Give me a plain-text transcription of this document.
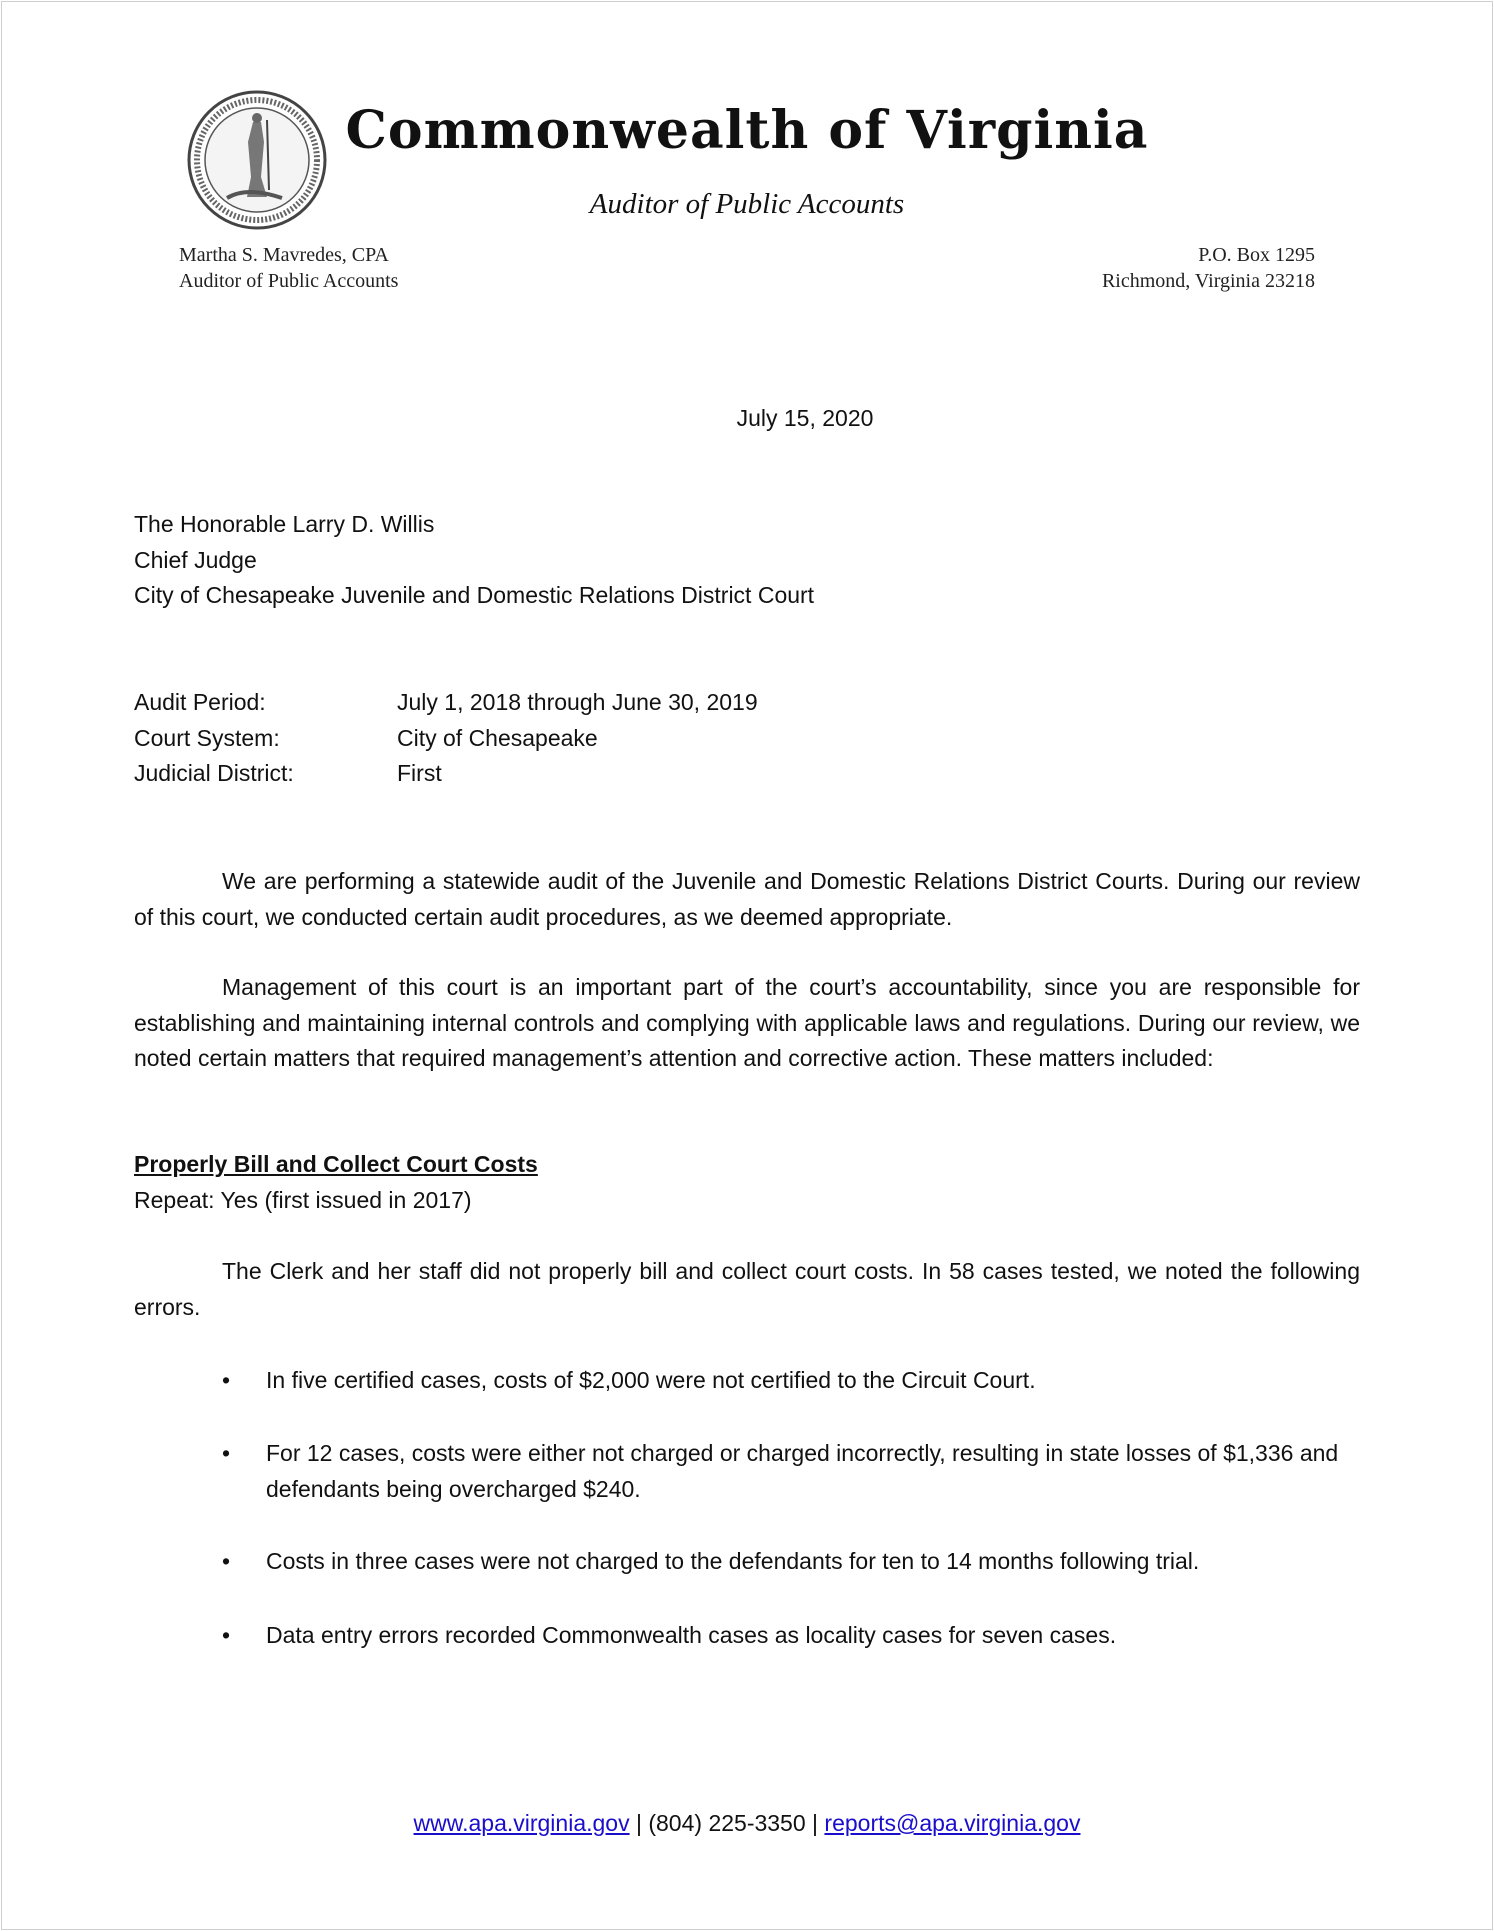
Commonwealth of Virginia
Auditor of Public Accounts
Martha S. Mavredes, CPA
Auditor of Public Accounts
P.O. Box 1295
Richmond, Virginia 23218
July 15, 2020
The Honorable Larry D. Willis
Chief Judge
City of Chesapeake Juvenile and Domestic Relations District Court
Audit Period:	July 1, 2018 through June 30, 2019
Court System:	City of Chesapeake
Judicial District:	First
We are performing a statewide audit of the Juvenile and Domestic Relations District Courts. During our review of this court, we conducted certain audit procedures, as we deemed appropriate.
Management of this court is an important part of the court’s accountability, since you are responsible for establishing and maintaining internal controls and complying with applicable laws and regulations. During our review, we noted certain matters that required management’s attention and corrective action. These matters included:
Properly Bill and Collect Court Costs
Repeat: Yes (first issued in 2017)
The Clerk and her staff did not properly bill and collect court costs. In 58 cases tested, we noted the following errors.
•	In five certified cases, costs of $2,000 were not certified to the Circuit Court.
•	For 12 cases, costs were either not charged or charged incorrectly, resulting in state losses of $1,336 and defendants being overcharged $240.
•	Costs in three cases were not charged to the defendants for ten to 14 months following trial.
•	Data entry errors recorded Commonwealth cases as locality cases for seven cases.
www.apa.virginia.gov | (804) 225-3350 | reports@apa.virginia.gov
